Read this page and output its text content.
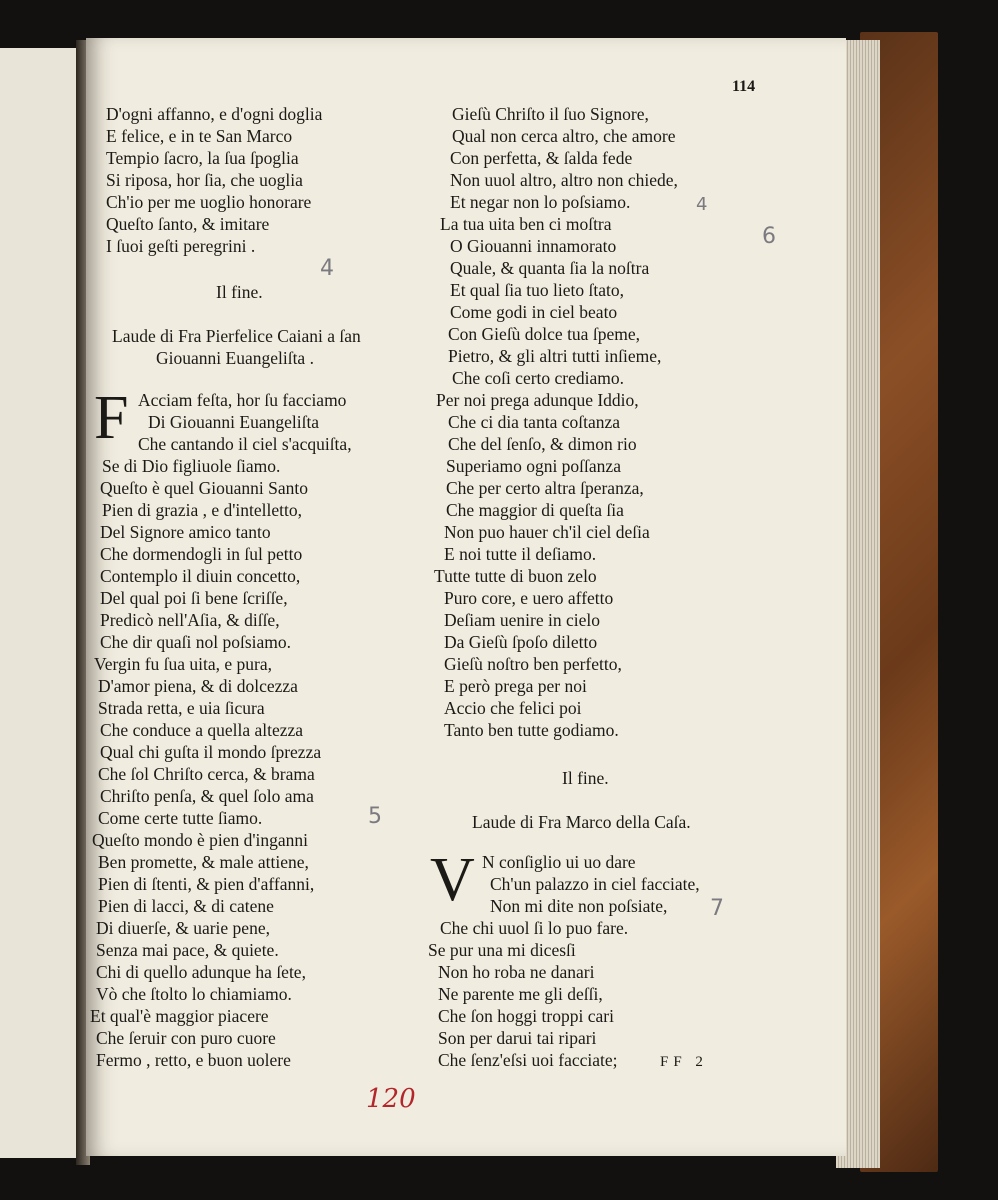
114
D'ogni affanno, e d'ogni doglia
E felice, e in te San Marco
Tempio ſacro, la ſua ſpoglia
Si riposa, hor ſia, che uoglia
Ch'io per me uoglio honorare
Queſto ſanto, & imitare
I ſuoi geſti peregrini .
Il fine.
Laude di Fra Pierfelice Caiani a ſan
Giouanni Euangeliſta .
F Acciam feſta, hor ſu facciamo
Di Giouanni Euangeliſta
Che cantando il ciel s'acquiſta,
Se di Dio figliuole ſiamo.
Queſto è quel Giouanni Santo
Pien di grazia , e d'intelletto,
Del Signore amico tanto
Che dormendogli in ſul petto
Contemplo il diuin concetto,
Del qual poi ſi bene ſcriſſe,
Predicò nell'Aſia, & diſſe,
Che dir quaſi nol poſsiamo.
Vergin fu ſua uita, e pura,
D'amor piena, & di dolcezza
Strada retta, e uia ſicura
Che conduce a quella altezza
Qual chi guſta il mondo ſprezza
Che ſol Chriſto cerca, & brama
Chriſto penſa, & quel ſolo ama
Come certe tutte ſiamo.
Queſto mondo è pien d'inganni
Ben promette, & male attiene,
Pien di ſtenti, & pien d'affanni,
Pien di lacci, & di catene
Di diuerſe, & uarie pene,
Senza mai pace, & quiete.
Chi di quello adunque ha ſete,
Vò che ſtolto lo chiamiamo.
Et qual'è maggior piacere
Che ſeruir con puro cuore
Fermo , retto, e buon uolere
Gieſù Chriſto il ſuo Signore,
Qual non cerca altro, che amore
Con perfetta, & ſalda fede
Non uuol altro, altro non chiede,
Et negar non lo poſsiamo.
La tua uita ben ci moſtra
O Giouanni innamorato
Quale, & quanta ſia la noſtra
Et qual ſia tuo lieto ſtato,
Come godi in ciel beato
Con Gieſù dolce tua ſpeme,
Pietro, & gli altri tutti inſieme,
Che coſi certo crediamo.
Per noi prega adunque Iddio,
Che ci dia tanta coſtanza
Che del ſenſo, & dimon rio
Superiamo ogni poſſanza
Che per certo altra ſperanza,
Che maggior di queſta ſia
Non puo hauer ch'il ciel deſia
E noi tutte il deſiamo.
Tutte tutte di buon zelo
Puro core, e uero affetto
Deſiam uenire in cielo
Da Gieſù ſpoſo diletto
Gieſù noſtro ben perfetto,
E però prega per noi
Accio che felici poi
Tanto ben tutte godiamo.
Il fine.
Laude di Fra Marco della Caſa.
V N conſiglio ui uo dare
Ch'un palazzo in ciel facciate,
Non mi dite non poſsiate,
Che chi uuol ſi lo puo fare.
Se pur una mi dicesſi
Non ho roba ne danari
Ne parente me gli deſſi,
Che ſon hoggi troppi cari
Son per darui tai ripari
Che ſenz'eſsi uoi facciate;	FF 2
4
5
6
4
7
120
